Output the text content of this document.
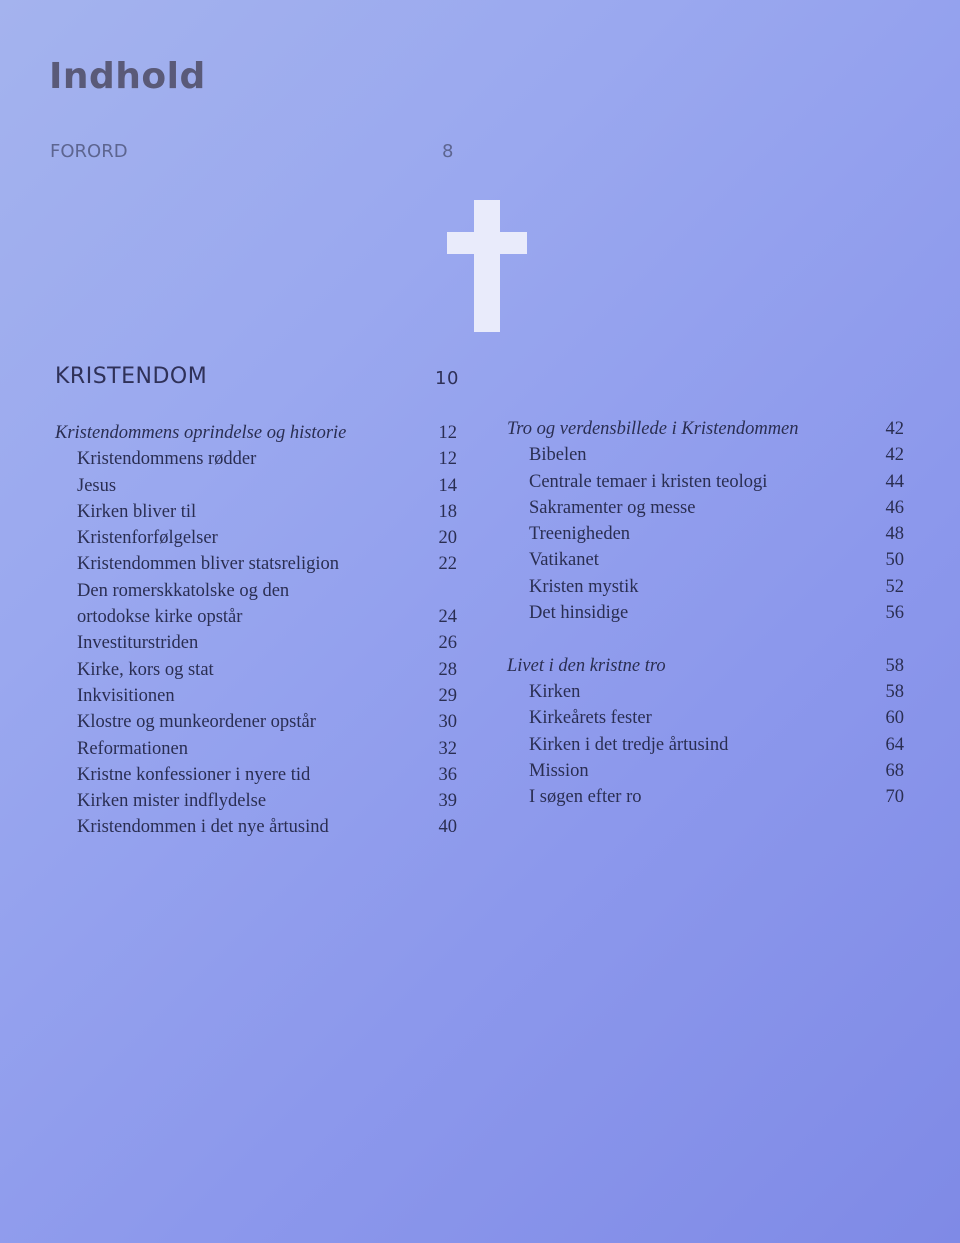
Indhold
FORORD	8
KRISTENDOM	10
Kristendommens oprindelse og historie	12
Kristendommens rødder	12
Jesus	14
Kirken bliver til	18
Kristenforfølgelser	20
Kristendommen bliver statsreligion	22
Den romerskkatolske og den
ortodokse kirke opstår	24
Investiturstriden	26
Kirke, kors og stat	28
Inkvisitionen	29
Klostre og munkeordener opstår	30
Reformationen	32
Kristne konfessioner i nyere tid	36
Kirken mister indflydelse	39
Kristendommen i det nye årtusind	40
Tro og verdensbillede i Kristendommen	42
Bibelen	42
Centrale temaer i kristen teologi	44
Sakramenter og messe	46
Treenigheden	48
Vatikanet	50
Kristen mystik	52
Det hinsidige	56
Livet i den kristne tro	58
Kirken	58
Kirkeårets fester	60
Kirken i det tredje årtusind	64
Mission	68
I søgen efter ro	70
